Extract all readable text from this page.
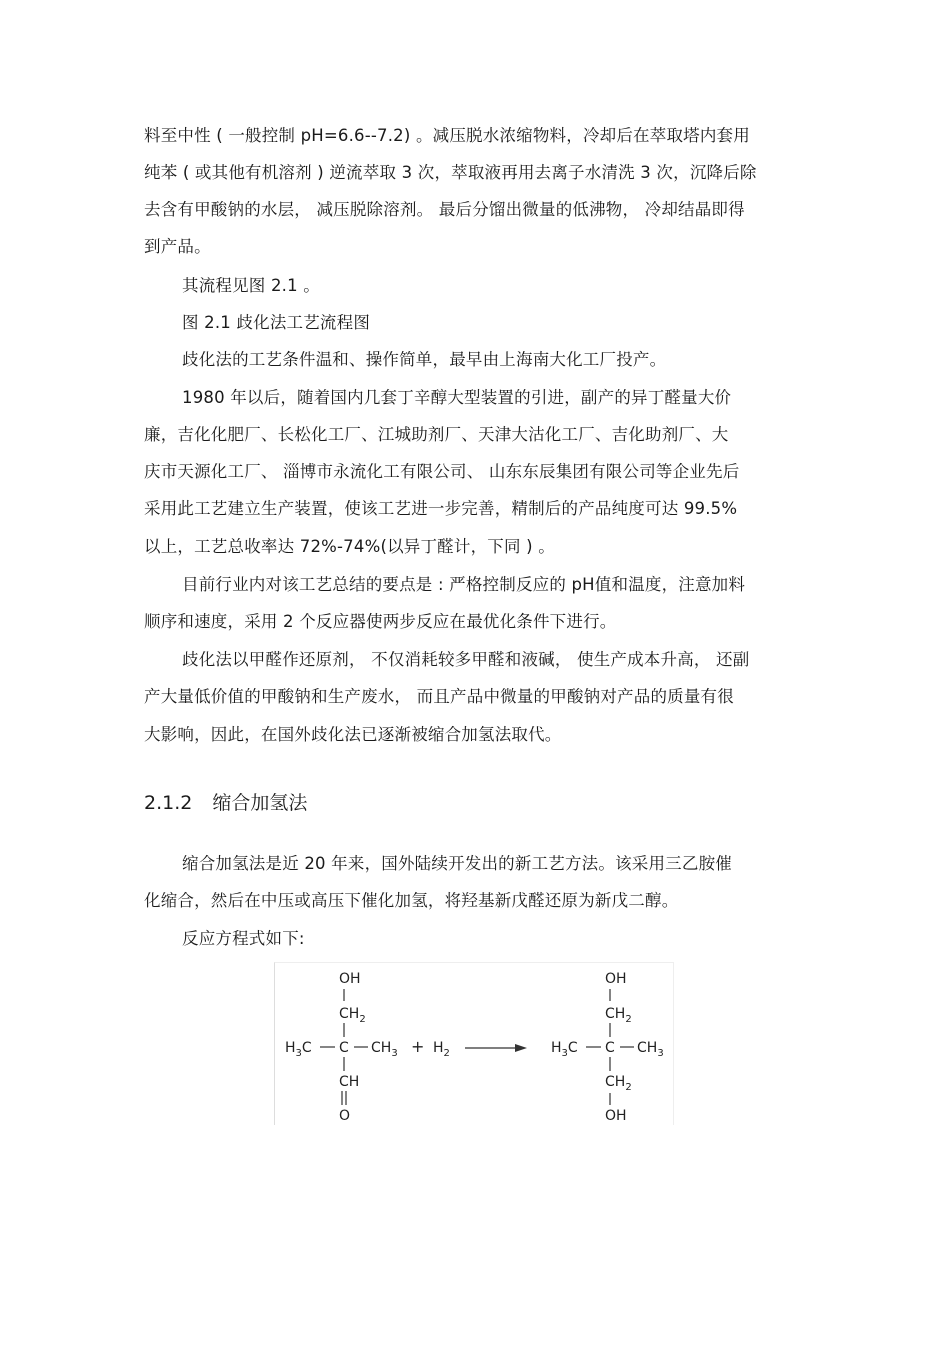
料至中性 ( 一般控制 pH=6.6--7.2) 。减压脱水浓缩物料，冷却后在萃取塔内套用
纯苯 ( 或其他有机溶剂 ) 逆流萃取 3 次，萃取液再用去离子水清洗 3 次，沉降后除
去含有甲酸钠的水层， 减压脱除溶剂。 最后分馏出微量的低沸物， 冷却结晶即得
到产品。
其流程见图 2.1 。
图 2.1 歧化法工艺流程图
歧化法的工艺条件温和、操作简单，最早由上海南大化工厂投产。
1980 年以后，随着国内几套丁辛醇大型装置的引进，副产的异丁醛量大价
廉，吉化化肥厂、长松化工厂、江城助剂厂、天津大沽化工厂、吉化助剂厂、大
庆市天源化工厂、 淄博市永流化工有限公司、 山东东辰集团有限公司等企业先后
采用此工艺建立生产装置，使该工艺进一步完善，精制后的产品纯度可达 99.5%
以上，工艺总收率达 72%-74%(以异丁醛计，下同 ) 。
目前行业内对该工艺总结的要点是 : 严格控制反应的 pH值和温度，注意加料
顺序和速度，采用 2 个反应器使两步反应在最优化条件下进行。
歧化法以甲醛作还原剂， 不仅消耗较多甲醛和液碱， 使生产成本升高， 还副
产大量低价值的甲酸钠和生产废水， 而且产品中微量的甲酸钠对产品的质量有很
大影响，因此，在国外歧化法已逐渐被缩合加氢法取代。
2.1.2 缩合加氢法
缩合加氢法是近 20 年来，国外陆续开发出的新工艺方法。该采用三乙胺催
化缩合，然后在中压或高压下催化加氢，将羟基新戊醛还原为新戊二醇。
反应方程式如下:
OH
$CH_2$
$H_3C$ C $CH_3$
CH
O
+ $H_2$
OH
$CH_2$
$H_3C$ C $CH_3$
$CH_2$
OH
